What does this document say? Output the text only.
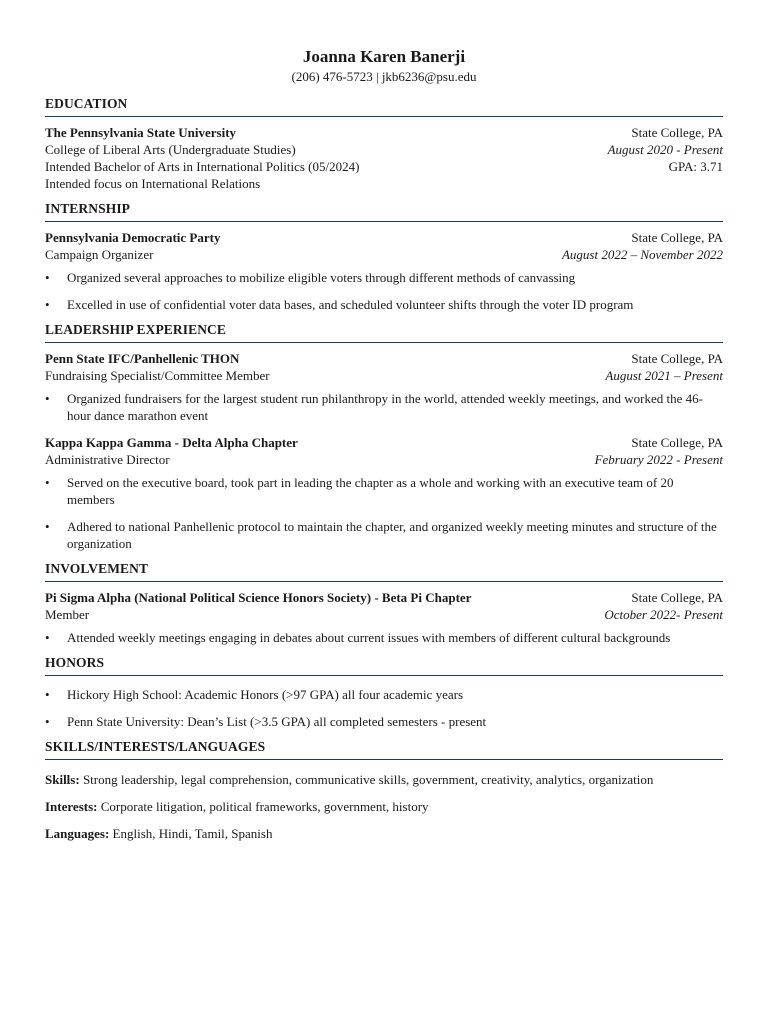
Joanna Karen Banerji
(206) 476-5723 | jkb6236@psu.edu
EDUCATION
The Pennsylvania State University	State College, PA
College of Liberal Arts (Undergraduate Studies)	August 2020 - Present
Intended Bachelor of Arts in International Politics (05/2024)	GPA: 3.71
Intended focus on International Relations
INTERNSHIP
Pennsylvania Democratic Party	State College, PA
Campaign Organizer	August 2022 – November 2022
• Organized several approaches to mobilize eligible voters through different methods of canvassing
• Excelled in use of confidential voter data bases, and scheduled volunteer shifts through the voter ID program
LEADERSHIP EXPERIENCE
Penn State IFC/Panhellenic THON	State College, PA
Fundraising Specialist/Committee Member	August 2021 – Present
• Organized fundraisers for the largest student run philanthropy in the world, attended weekly meetings, and worked the 46-hour dance marathon event
Kappa Kappa Gamma - Delta Alpha Chapter	State College, PA
Administrative Director	February 2022 - Present
• Served on the executive board, took part in leading the chapter as a whole and working with an executive team of 20 members
• Adhered to national Panhellenic protocol to maintain the chapter, and organized weekly meeting minutes and structure of the organization
INVOLVEMENT
Pi Sigma Alpha (National Political Science Honors Society) - Beta Pi Chapter	State College, PA
Member	October 2022- Present
• Attended weekly meetings engaging in debates about current issues with members of different cultural backgrounds
HONORS
• Hickory High School: Academic Honors (>97 GPA) all four academic years
• Penn State University: Dean’s List (>3.5 GPA) all completed semesters - present
SKILLS/INTERESTS/LANGUAGES

Skills: Strong leadership, legal comprehension, communicative skills, government, creativity, analytics, organization

Interests: Corporate litigation, political frameworks, government, history

Languages: English, Hindi, Tamil, Spanish
